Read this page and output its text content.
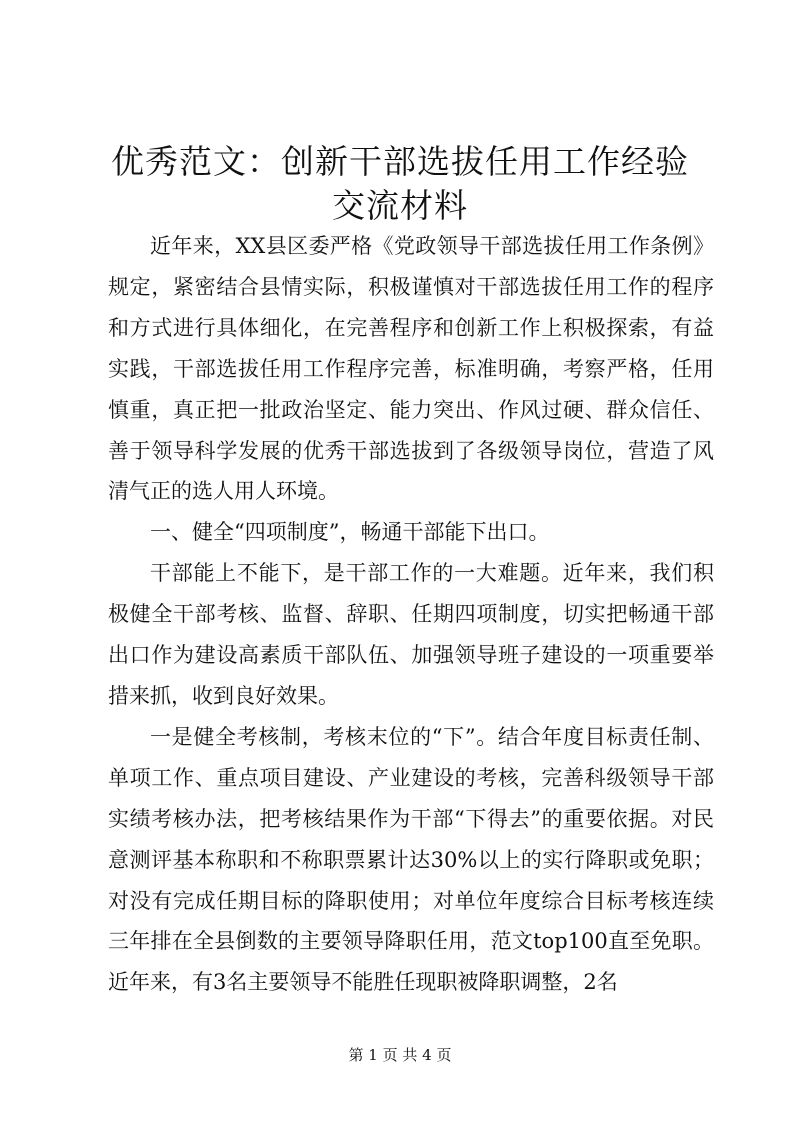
优秀范文：创新干部选拔任用工作经验交流材料

近年来，XX县区委严格《党政领导干部选拔任用工作条例》规定，紧密结合县情实际，积极谨慎对干部选拔任用工作的程序和方式进行具体细化，在完善程序和创新工作上积极探索，有益实践，干部选拔任用工作程序完善，标准明确，考察严格，任用慎重，真正把一批政治坚定、能力突出、作风过硬、群众信任、善于领导科学发展的优秀干部选拔到了各级领导岗位，营造了风清气正的选人用人环境。

一、健全“四项制度”，畅通干部能下出口。

干部能上不能下，是干部工作的一大难题。近年来，我们积极健全干部考核、监督、辞职、任期四项制度，切实把畅通干部出口作为建设高素质干部队伍、加强领导班子建设的一项重要举措来抓，收到良好效果。

一是健全考核制，考核末位的“下”。结合年度目标责任制、单项工作、重点项目建设、产业建设的考核，完善科级领导干部实绩考核办法，把考核结果作为干部“下得去”的重要依据。对民意测评基本称职和不称职票累计达30%以上的实行降职或免职；对没有完成任期目标的降职使用；对单位年度综合目标考核连续三年排在全县倒数的主要领导降职任用，范文top100直至免职。近年来，有3名主要领导不能胜任现职被降职调整，2名

第 1 页 共 4 页
